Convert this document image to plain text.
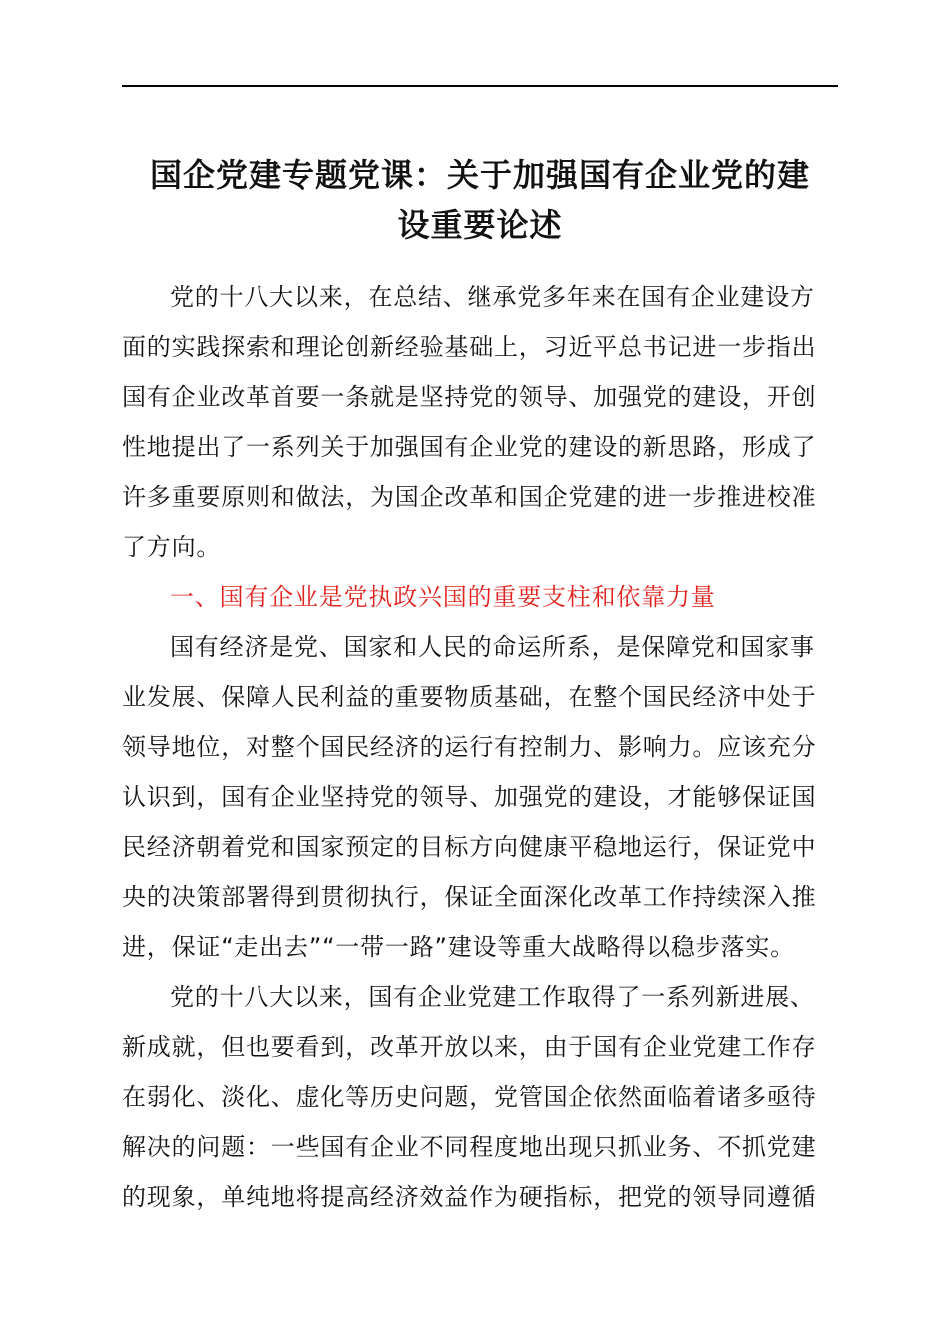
国企党建专题党课：关于加强国有企业党的建
设重要论述

党的十八大以来，在总结、继承党多年来在国有企业建设方
面的实践探索和理论创新经验基础上，习近平总书记进一步指出
国有企业改革首要一条就是坚持党的领导、加强党的建设，开创
性地提出了一系列关于加强国有企业党的建设的新思路，形成了
许多重要原则和做法，为国企改革和国企党建的进一步推进校准
了方向。

一、国有企业是党执政兴国的重要支柱和依靠力量

国有经济是党、国家和人民的命运所系，是保障党和国家事
业发展、保障人民利益的重要物质基础，在整个国民经济中处于
领导地位，对整个国民经济的运行有控制力、影响力。应该充分
认识到，国有企业坚持党的领导、加强党的建设，才能够保证国
民经济朝着党和国家预定的目标方向健康平稳地运行，保证党中
央的决策部署得到贯彻执行，保证全面深化改革工作持续深入推
进，保证“走出去”“一带一路”建设等重大战略得以稳步落实。

党的十八大以来，国有企业党建工作取得了一系列新进展、
新成就，但也要看到，改革开放以来，由于国有企业党建工作存
在弱化、淡化、虚化等历史问题，党管国企依然面临着诸多亟待
解决的问题：一些国有企业不同程度地出现只抓业务、不抓党建
的现象，单纯地将提高经济效益作为硬指标，把党的领导同遵循
